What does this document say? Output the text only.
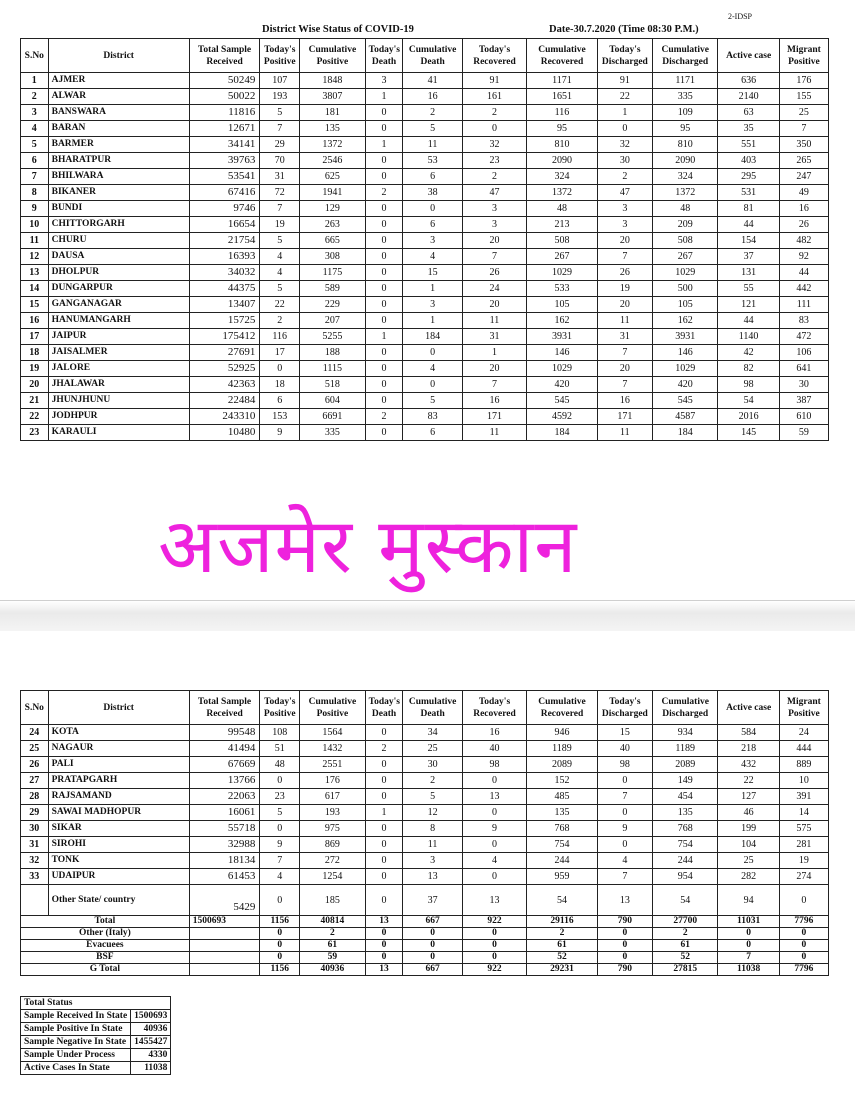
District Wise Status of COVID-19	Date-30.7.2020 (Time 08:30 P.M.)
2-IDSP
S.No	District	Total Sample Received	Today's Positive	Cumulative Positive	Today's Death	Cumulative Death	Today's Recovered	Cumulative Recovered	Today's Discharged	Cumulative Discharged	Active case	Migrant Positive
1	AJMER	50249	107	1848	3	41	91	1171	91	1171	636	176
2	ALWAR	50022	193	3807	1	16	161	1651	22	335	2140	155
3	BANSWARA	11816	5	181	0	2	2	116	1	109	63	25
4	BARAN	12671	7	135	0	5	0	95	0	95	35	7
5	BARMER	34141	29	1372	1	11	32	810	32	810	551	350
6	BHARATPUR	39763	70	2546	0	53	23	2090	30	2090	403	265
7	BHILWARA	53541	31	625	0	6	2	324	2	324	295	247
8	BIKANER	67416	72	1941	2	38	47	1372	47	1372	531	49
9	BUNDI	9746	7	129	0	0	3	48	3	48	81	16
10	CHITTORGARH	16654	19	263	0	6	3	213	3	209	44	26
11	CHURU	21754	5	665	0	3	20	508	20	508	154	482
12	DAUSA	16393	4	308	0	4	7	267	7	267	37	92
13	DHOLPUR	34032	4	1175	0	15	26	1029	26	1029	131	44
14	DUNGARPUR	44375	5	589	0	1	24	533	19	500	55	442
15	GANGANAGAR	13407	22	229	0	3	20	105	20	105	121	111
16	HANUMANGARH	15725	2	207	0	1	11	162	11	162	44	83
17	JAIPUR	175412	116	5255	1	184	31	3931	31	3931	1140	472
18	JAISALMER	27691	17	188	0	0	1	146	7	146	42	106
19	JALORE	52925	0	1115	0	4	20	1029	20	1029	82	641
20	JHALAWAR	42363	18	518	0	0	7	420	7	420	98	30
21	JHUNJHUNU	22484	6	604	0	5	16	545	16	545	54	387
22	JODHPUR	243310	153	6691	2	83	171	4592	171	4587	2016	610
23	KARAULI	10480	9	335	0	6	11	184	11	184	145	59
अजमेर मुस्कान
S.No	District	Total Sample Received	Today's Positive	Cumulative Positive	Today's Death	Cumulative Death	Today's Recovered	Cumulative Recovered	Today's Discharged	Cumulative Discharged	Active case	Migrant Positive
24	KOTA	99548	108	1564	0	34	16	946	15	934	584	24
25	NAGAUR	41494	51	1432	2	25	40	1189	40	1189	218	444
26	PALI	67669	48	2551	0	30	98	2089	98	2089	432	889
27	PRATAPGARH	13766	0	176	0	2	0	152	0	149	22	10
28	RAJSAMAND	22063	23	617	0	5	13	485	7	454	127	391
29	SAWAI MADHOPUR	16061	5	193	1	12	0	135	0	135	46	14
30	SIKAR	55718	0	975	0	8	9	768	9	768	199	575
31	SIROHI	32988	9	869	0	11	0	754	0	754	104	281
32	TONK	18134	7	272	0	3	4	244	4	244	25	19
33	UDAIPUR	61453	4	1254	0	13	0	959	7	954	282	274
	Other State/ country	5429	0	185	0	37	13	54	13	54	94	0
Total		1500693	1156	40814	13	667	922	29116	790	27700	11031	7796
Other (Italy)			0	2	0	0	0	2	0	2	0	0
Evacuees			0	61	0	0	0	61	0	61	0	0
BSF			0	59	0	0	0	52	0	52	7	0
G Total			1156	40936	13	667	922	29231	790	27815	11038	7796
Total Status	
Sample Received In State	1500693
Sample Positive In State	40936
Sample Negative In State	1455427
Sample Under Process	4330
Active Cases In State	11038
